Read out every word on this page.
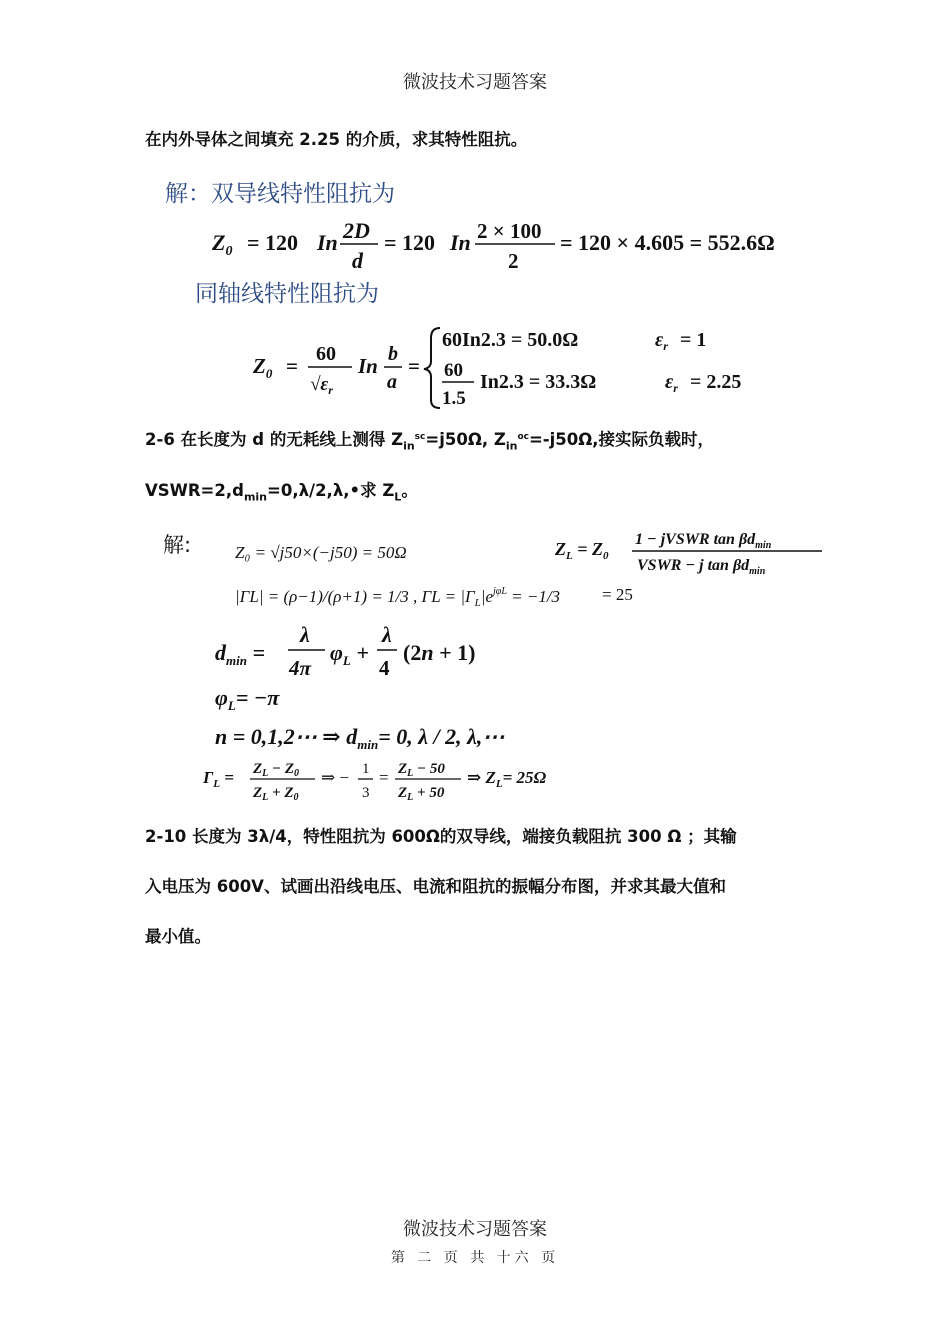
微波技术习题答案
在内外导体之间填充 2.25 的介质，求其特性阻抗。
解：双导线特性阻抗为
$Z_0 = 120$ In 2D
d
= 120 In 2 × 100
2
= 120 × 4.605 = 552.6Ω
同轴线特性阻抗为
$Z_0 = 60$
$√\varepsilon_r$
In b
a
=
60In2.3 = 50.0Ω	$\varepsilon_r = 1$
60
1.5
In2.3 = 33.3Ω	$\varepsilon_r = 2.25$
2-6 在长度为 d 的无耗线上测得 $Z_{insc}=j50\Omega$, $Z_{inoc}=-j50\Omega$,接实际负载时，
$VSWR=2,d_{min}=0,\lambda/2,\lambda,•$求 $Z_L$。
解:	Z₀ = √j50×(−j50) = 50Ω
|ΓL| = (ρ−1)/(ρ+1) = 1/3 , $\Gamma L = |\Gamma_L|e^{j\varphi L} = -1/3$
$Z_L = Z_0$
1 − jVSWR $\tan \beta d_{min}$
VSWR − j $\tan \beta d_{min}$
= 25
$d_{min}$ =
λ
4π
$\varphi_L$ +
λ
4
(2n + 1)
$\varphi_L= -\pi$
n = 0,1,2⋯ ⇒ $d_{min}= 0$, λ / 2, λ,⋯
$\Gamma_L = Z_L - Z_0$
$Z_L + Z_0$
⇒ − 1
3
= $Z_L - 50$
$Z_L + 50$
⇒ $Z_L= 25\Omega$
2-10 长度为 3λ/4，特性阻抗为 600Ω的双导线，端接负载阻抗 300 Ω ；其输
入电压为 600V、试画出沿线电压、电流和阻抗的振幅分布图，并求其最大值和
最小值。
微波技术习题答案
第 二 页 共 十六 页
